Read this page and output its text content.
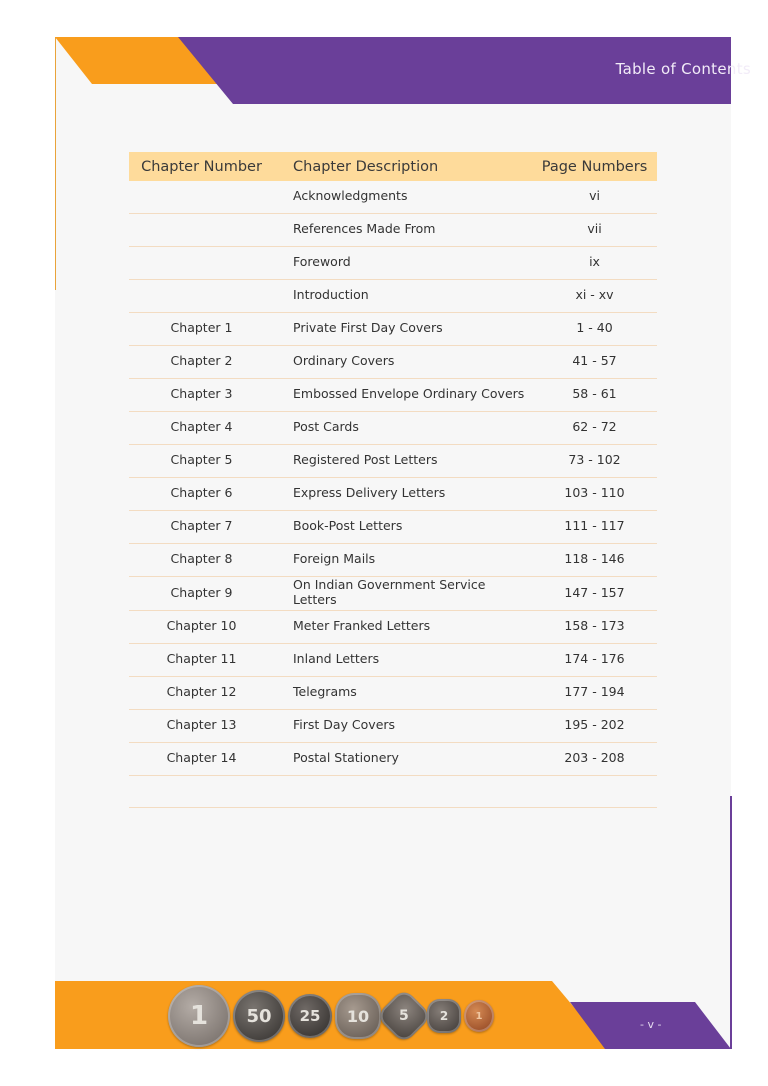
Table of Contents
Chapter Number	Chapter Description	Page Numbers
	Acknowledgments	vi
	References Made From	vii
	Foreword	ix
	Introduction	xi - xv
Chapter 1	Private First Day Covers	1 - 40
Chapter 2	Ordinary Covers	41 - 57
Chapter 3	Embossed Envelope Ordinary Covers	58 - 61
Chapter 4	Post Cards	62 - 72
Chapter 5	Registered Post Letters	73 - 102
Chapter 6	Express Delivery Letters	103 - 110
Chapter 7	Book-Post Letters	111 - 117
Chapter 8	Foreign Mails	118 - 146
Chapter 9	On Indian Government Service Letters	147 - 157
Chapter 10	Meter Franked Letters	158 - 173
Chapter 11	Inland Letters	174 - 176
Chapter 12	Telegrams	177 - 194
Chapter 13	First Day Covers	195 - 202
Chapter 14	Postal Stationery	203 - 208

1 50 25 10 5	2	1
- v -
